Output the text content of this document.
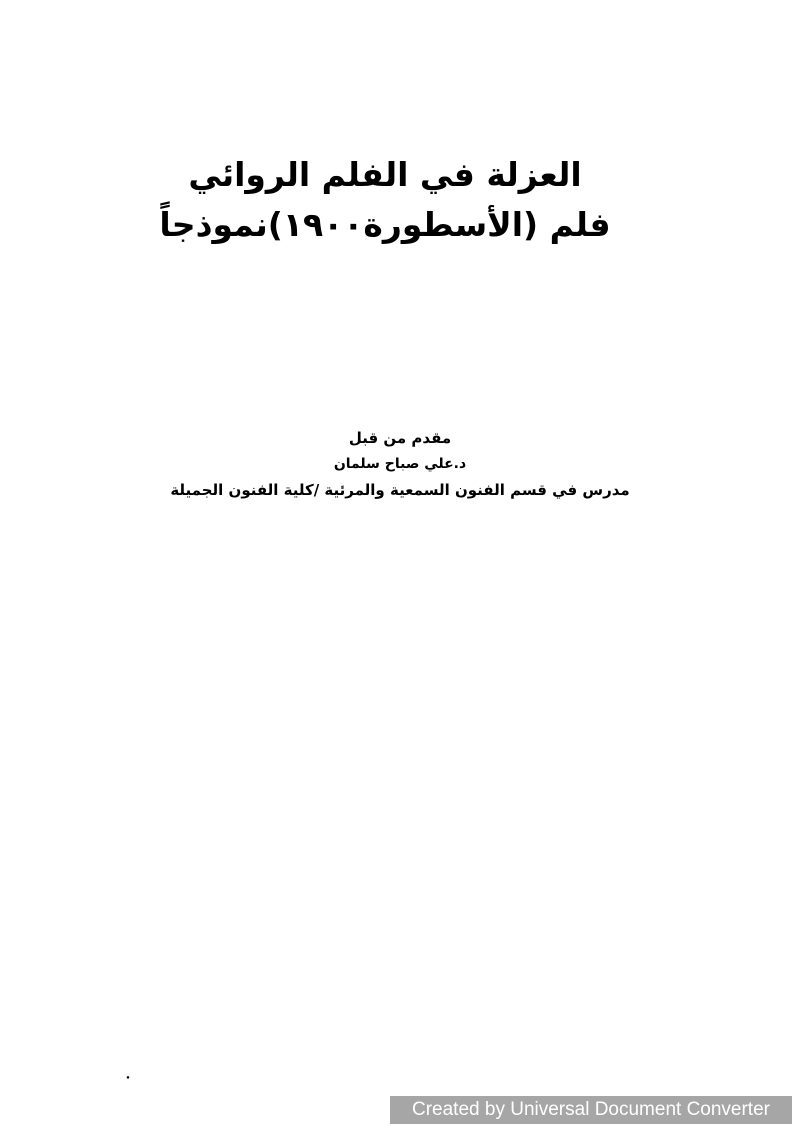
العزلة في الفلم الروائي
فلم (الأسطورة١٩٠٠)نموذجاً
مقدم من قبل
د.علي صباح سلمان
مدرس في قسم الفنون السمعية والمرئية /كلية الفنون الجميلة
٠
Created by Universal Document Converter
